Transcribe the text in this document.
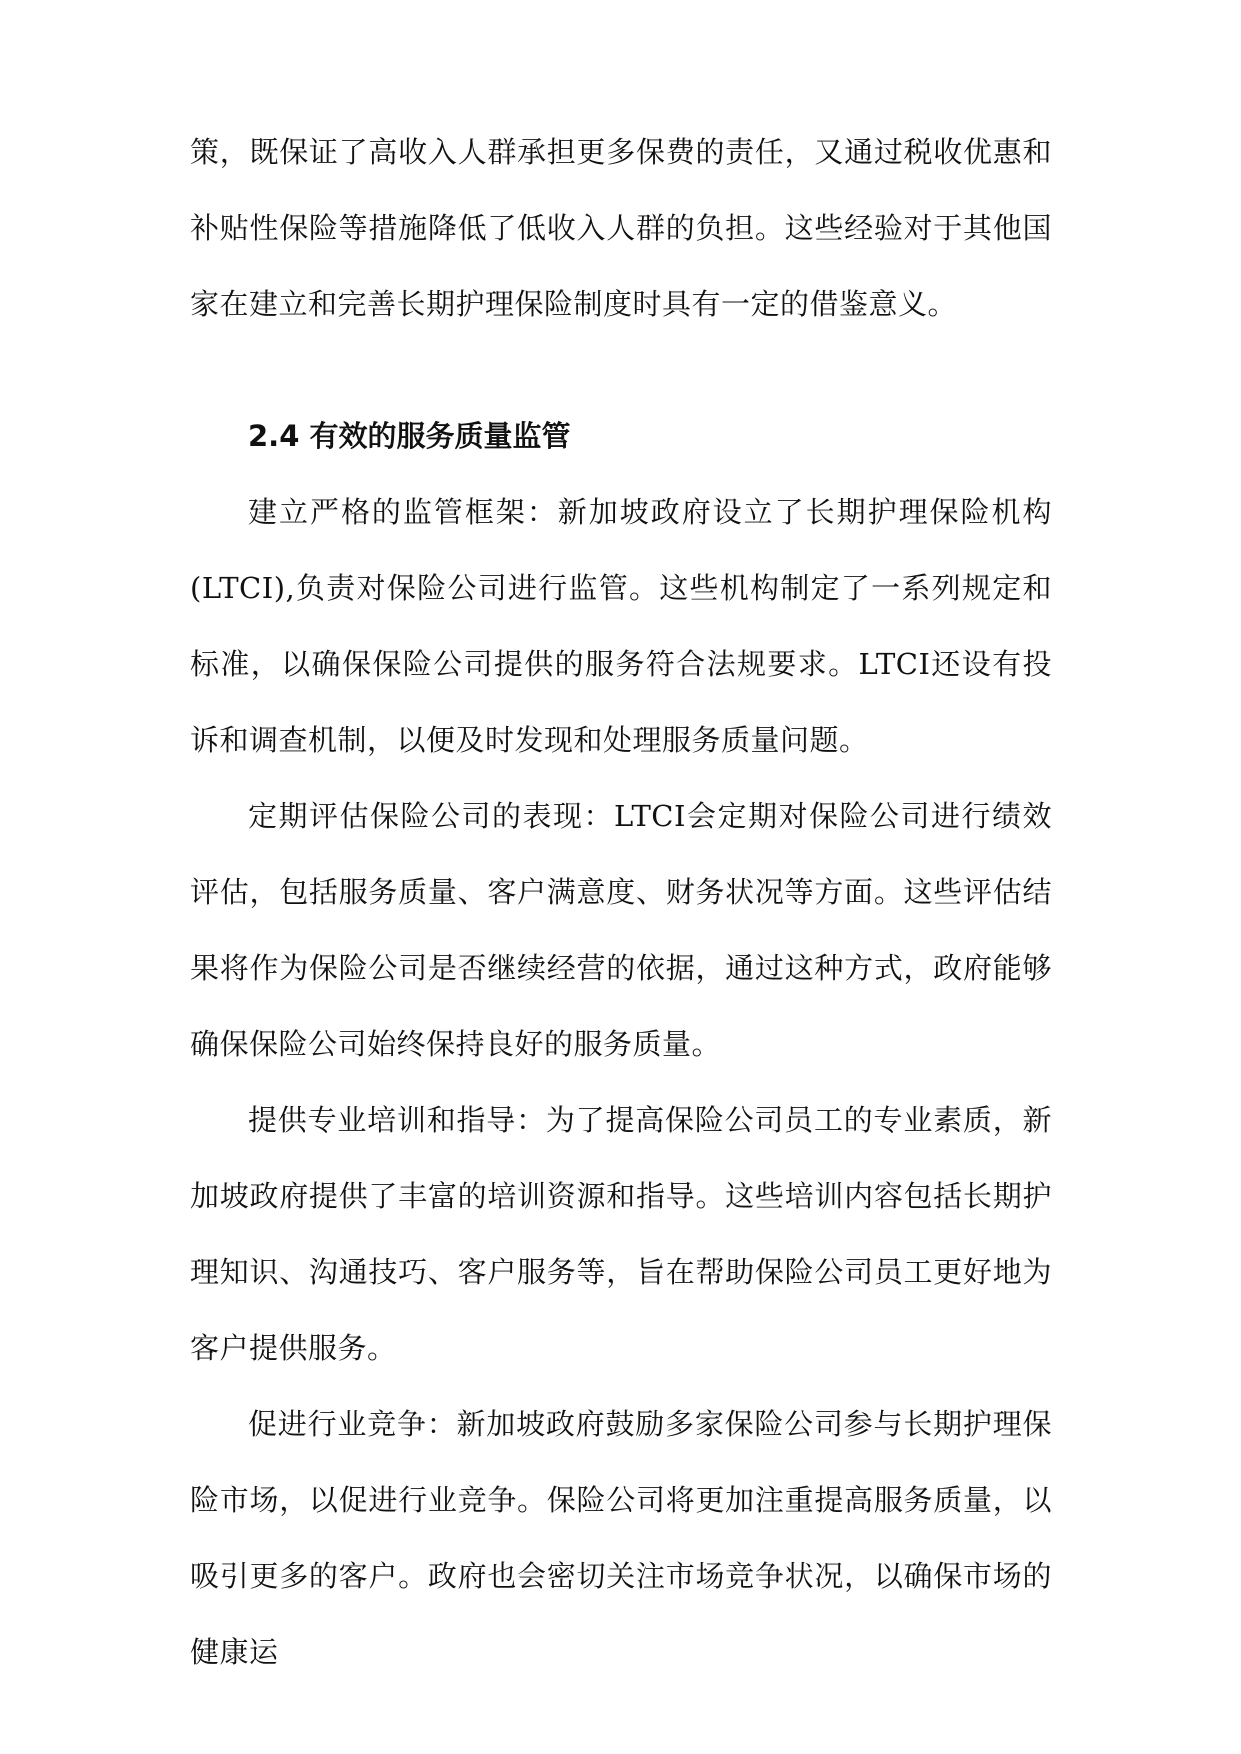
策，既保证了高收入人群承担更多保费的责任，又通过税收优惠和补贴性保险等措施降低了低收入人群的负担。这些经验对于其他国家在建立和完善长期护理保险制度时具有一定的借鉴意义。

2.4 有效的服务质量监管

建立严格的监管框架：新加坡政府设立了长期护理保险机构(LTCI),负责对保险公司进行监管。这些机构制定了一系列规定和标准，以确保保险公司提供的服务符合法规要求。LTCI还设有投诉和调查机制，以便及时发现和处理服务质量问题。

定期评估保险公司的表现：LTCI会定期对保险公司进行绩效评估，包括服务质量、客户满意度、财务状况等方面。这些评估结果将作为保险公司是否继续经营的依据，通过这种方式，政府能够确保保险公司始终保持良好的服务质量。

提供专业培训和指导：为了提高保险公司员工的专业素质，新加坡政府提供了丰富的培训资源和指导。这些培训内容包括长期护理知识、沟通技巧、客户服务等，旨在帮助保险公司员工更好地为客户提供服务。

促进行业竞争：新加坡政府鼓励多家保险公司参与长期护理保险市场，以促进行业竞争。保险公司将更加注重提高服务质量，以吸引更多的客户。政府也会密切关注市场竞争状况，以确保市场的健康运
